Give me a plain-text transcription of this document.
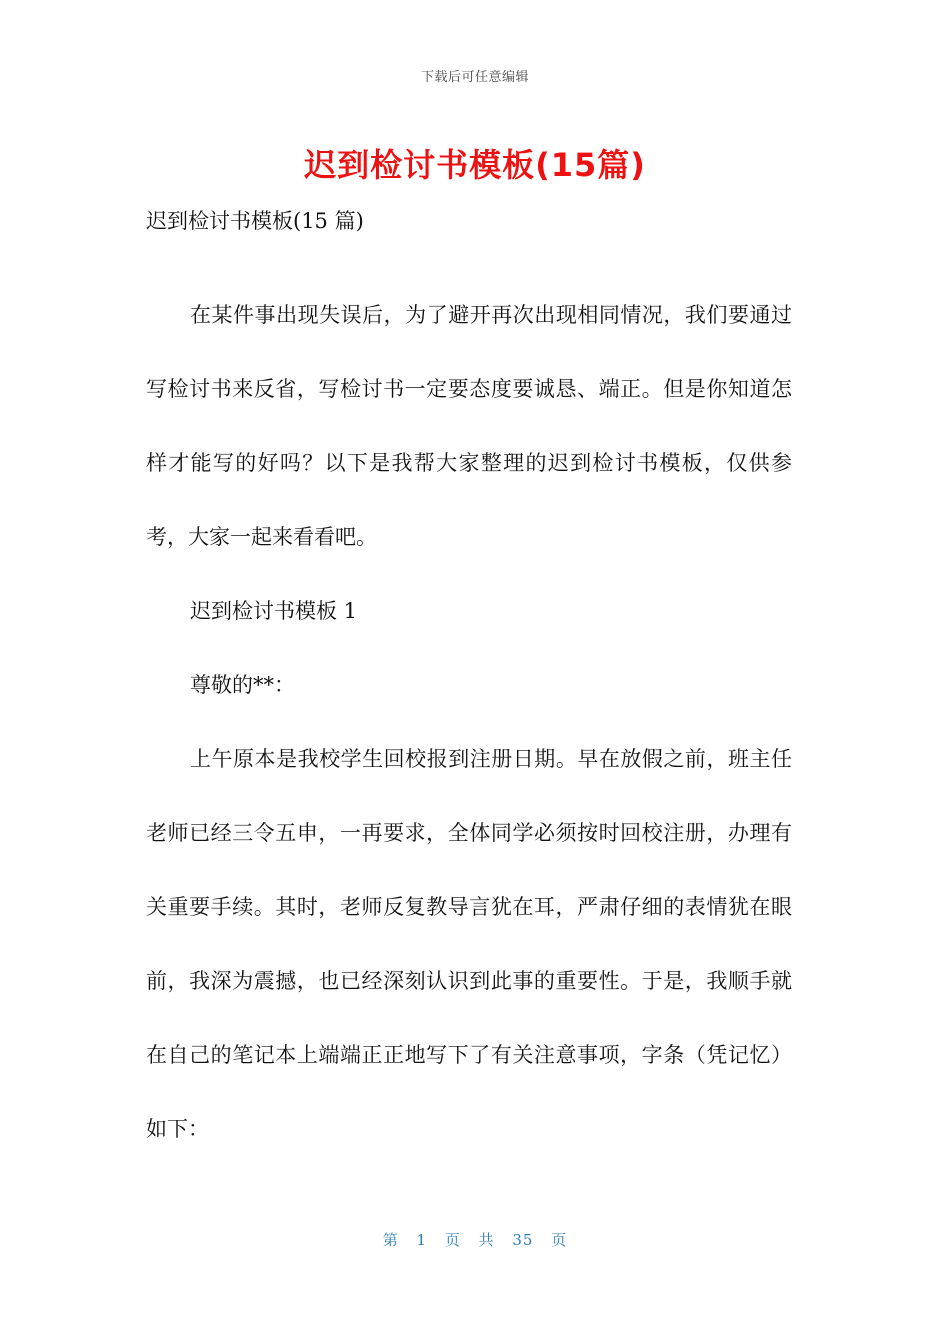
下载后可任意编辑
迟到检讨书模板(15篇)

迟到检讨书模板(15 篇)

在某件事出现失误后，为了避开再次出现相同情况，我们要通过写检讨书来反省，写检讨书一定要态度要诚恳、端正。但是你知道怎样才能写的好吗？以下是我帮大家整理的迟到检讨书模板，仅供参考，大家一起来看看吧。

迟到检讨书模板 1

尊敬的**：

上午原本是我校学生回校报到注册日期。早在放假之前，班主任老师已经三令五申，一再要求，全体同学必须按时回校注册，办理有关重要手续。其时，老师反复教导言犹在耳，严肃仔细的表情犹在眼前，我深为震撼，也已经深刻认识到此事的重要性。于是，我顺手就在自己的笔记本上端端正正地写下了有关注意事项，字条（凭记忆）如下：

第 1 页 共 35 页
